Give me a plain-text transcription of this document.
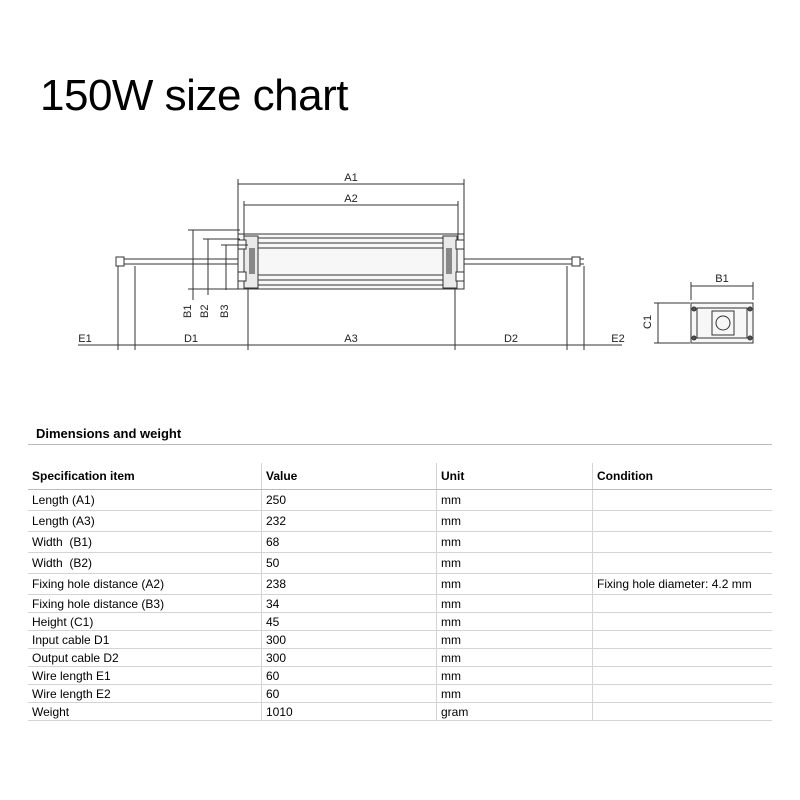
150W size chart
A1
A2
A3
D1	D2
E1	E2
B1 B2 B3
B1
C1
Dimensions and weight
Specification item	Value	Unit	Condition
Length (A1)	250	mm	
Length (A3)	232	mm	
Width  (B1)	68	mm	
Width  (B2)	50	mm	
Fixing hole distance (A2)	238	mm	Fixing hole diameter: 4.2 mm
Fixing hole distance (B3)	34	mm	
Height (C1)	45	mm	
Input cable D1	300	mm	
Output cable D2	300	mm	
Wire length E1	60	mm	
Wire length E2	60	mm	
Weight	1010	gram	
